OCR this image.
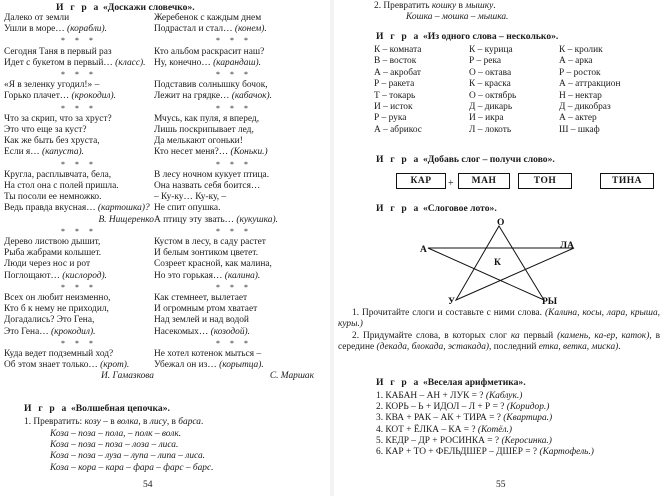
И г р а «Доскажи словечко».
Далеко от земли
Ушли в море… (корабли).
* * *
Сегодня Таня в первый раз
Идет с букетом в первый… (класс).
* * *
«Я в зеленку угодил!» –
Горько плачет… (крокодил).
* * *
Что за скрип, что за хруст?
Это что еще за куст?
Как же быть без хруста,
Если я… (капуста).
* * *
Кругла, расплывчата, бела,
На стол она с полей пришла.
Ты посоли ее немножко.
Ведь правда вкусная… (картошка)?
В. Нищеренко
* * *
Дерево листвою дышит,
Рыба жабрами колышет.
Люди через нос и рот
Поглощают… (кислород).
* * *
Всех он любит неизменно,
Кто б к нему не приходил,
Догадались? Это Гена,
Это Гена… (крокодил).
* * *
Куда ведет подземный ход?
Об этом знает только… (крот).
И. Гамазкова
Жеребенок с каждым днем
Подрастал и стал… (конем).
* * *
Кто альбом раскрасит наш?
Ну, конечно… (карандаш).
* * *
Подставив солнышку бочок,
Лежит на грядке… (кабачок).
* * *
Мчусь, как пуля, я вперед,
Лишь поскрипывает лед,
Да мелькают огоньки!
Кто несет меня?… (Коньки.)
* * *
В лесу ночном кукует птица.
Она назвать себя боится…
– Ку-ку… Ку-ку, –
Не спит опушка.
А птицу эту звать… (кукушка).
* * *
Кустом в лесу, в саду растет
И белым зонтиком цветет.
Созреет красной, как малина,
Но это горькая… (калина).
* * *
Как стемнеет, вылетает
И огромным ртом хватает
Над землей и над водой
Насекомых… (козодой).
* * *
Не хотел котенок мыться –
Убежал он из… (корытца).
С. Маршак
И г р а «Волшебная цепочка».
1. Превратить: козу – в волка, в лису, в барса.
Коза – поза – пола, – полк – волк.
Коза – поза – поза – лоза – лиса.
Коза – поза – луза – лупа – липа – лиса.
Коза – кора – кара – фара – фарс – барс.
54
2. Превратить кошку в мышку.
Кошка – мошка – мышка.
И г р а «Из одного слова – несколько».
К – комната	К – курица	К – кролик
В – восток	Р – река	А – арка
А – акробат	О – октава	Р – росток
Р – ракета	К – краска	А – аттракцион
Т – токарь	О – октябрь	Н – нектар
И – исток	Д – дикарь	Д – дикобраз
Р – рука	И – икра	А – актер
А – абрикос	Л – локоть	Ш – шкаф
И г р а «Добавь слог – получи слово».
КАР	+	МАН	ТОН	ТИНА
И г р а «Слоговое лото».
О
А	ЛА
К
У	РЫ
1. Прочитайте слоги и составьте с ними слова. (Калина, косы, лара, крыша, куры.)
2. Придумайте слова, в которых слог ка первый (камень, ка-ер, каток), в середине (декада, блокада, эстакада), последний етка, ветка, миска).
И г р а «Веселая арифметика».
1. КАБАН – АН + ЛУК = ? (Каблук.)
2. КОРЬ – Ь + ИДОЛ – Л + Р = ? (Коридор.)
3. КВА + РАК – АК + ТИРА = ? (Квартира.)
4. КОТ + ЁЛКА – КА = ? (Котёл.)
5. КЕДР – ДР + РОСИНКА = ? (Керосинка.)
6. КАР + ТО + ФЕЛЬДШЕР – ДШЕР = ? (Картофель.)
55
